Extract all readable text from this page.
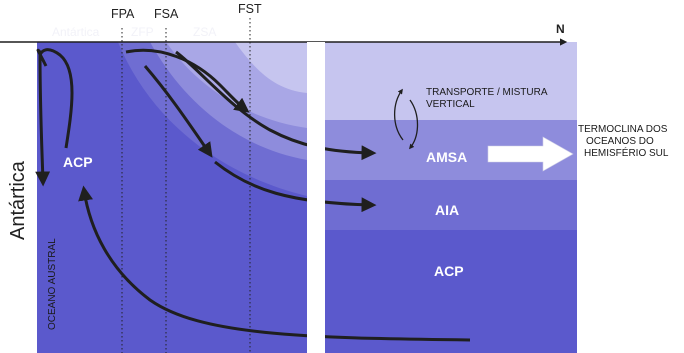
N
FPA FSA	FST
Antártica	ZFP	ZSA
Antártica
OCEANO AUSTRAL
ACP	AMSA
AIA
ACP
TRANSPORTE / MISTURA
VERTICAL
TERMOCLINA DOS
OCEANOS DO
HEMISFÉRIO SUL
